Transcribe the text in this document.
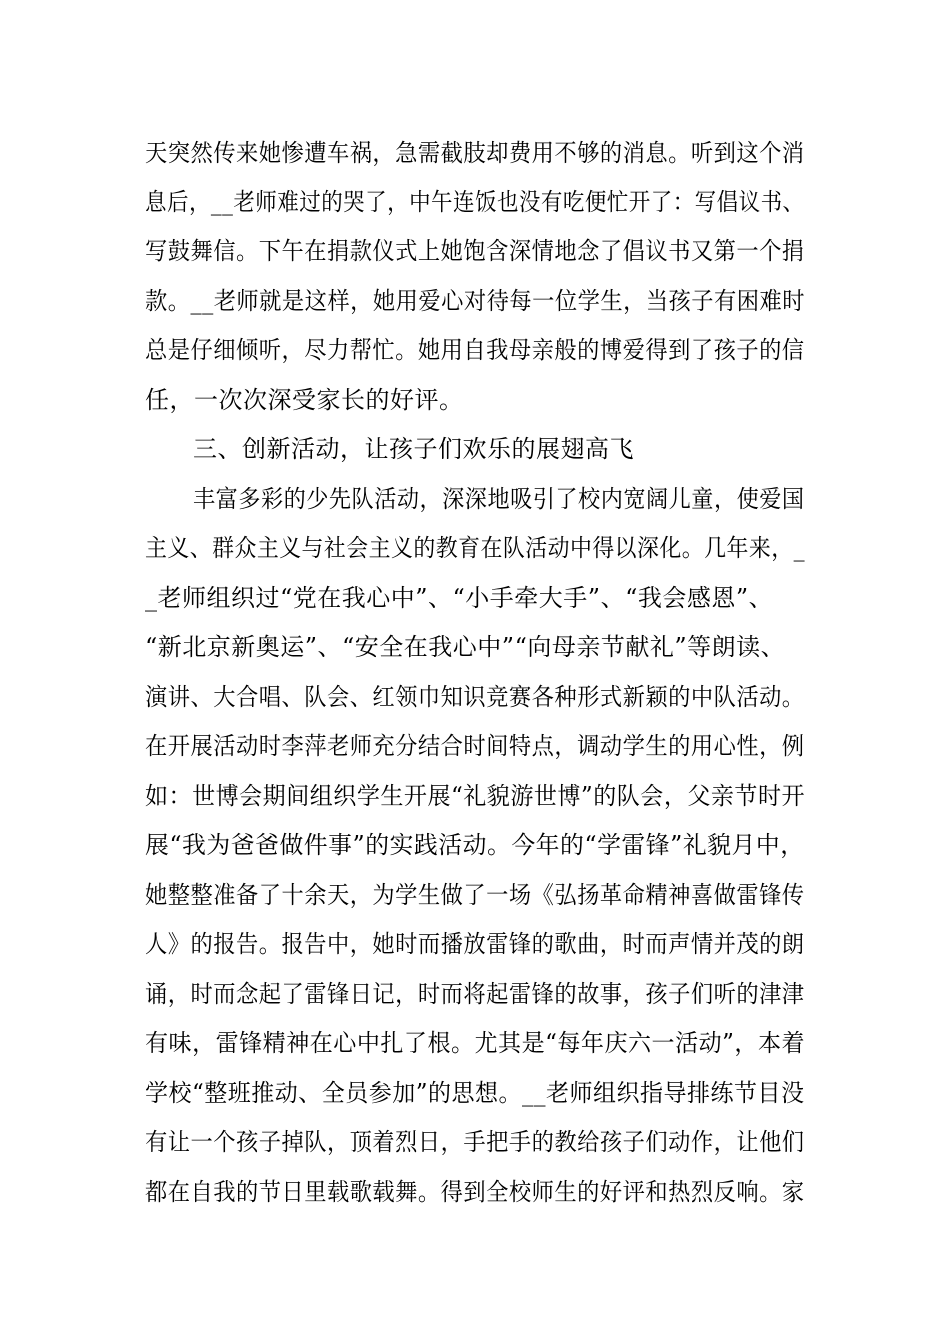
天突然传来她惨遭车祸，急需截肢却费用不够的消息。听到这个消
息后，__老师难过的哭了，中午连饭也没有吃便忙开了：写倡议书、
写鼓舞信。下午在捐款仪式上她饱含深情地念了倡议书又第一个捐
款。__老师就是这样，她用爱心对待每一位学生，当孩子有困难时
总是仔细倾听，尽力帮忙。她用自我母亲般的博爱得到了孩子的信
任，一次次深受家长的好评。
三、创新活动，让孩子们欢乐的展翅高飞
丰富多彩的少先队活动，深深地吸引了校内宽阔儿童，使爱国
主义、群众主义与社会主义的教育在队活动中得以深化。几年来，_
_老师组织过“党在我心中”、“小手牵大手”、“我会感恩”、
“新北京新奥运”、“安全在我心中”“向母亲节献礼”等朗读、
演讲、大合唱、队会、红领巾知识竞赛各种形式新颖的中队活动。
在开展活动时李萍老师充分结合时间特点，调动学生的用心性，例
如：世博会期间组织学生开展“礼貌游世博”的队会，父亲节时开
展“我为爸爸做件事”的实践活动。今年的“学雷锋”礼貌月中，
她整整准备了十余天，为学生做了一场《弘扬革命精神喜做雷锋传
人》的报告。报告中，她时而播放雷锋的歌曲，时而声情并茂的朗
诵，时而念起了雷锋日记，时而将起雷锋的故事，孩子们听的津津
有味，雷锋精神在心中扎了根。尤其是“每年庆六一活动”，本着
学校“整班推动、全员参加”的思想。__老师组织指导排练节目没
有让一个孩子掉队，顶着烈日，手把手的教给孩子们动作，让他们
都在自我的节日里载歌载舞。得到全校师生的好评和热烈反响。家
